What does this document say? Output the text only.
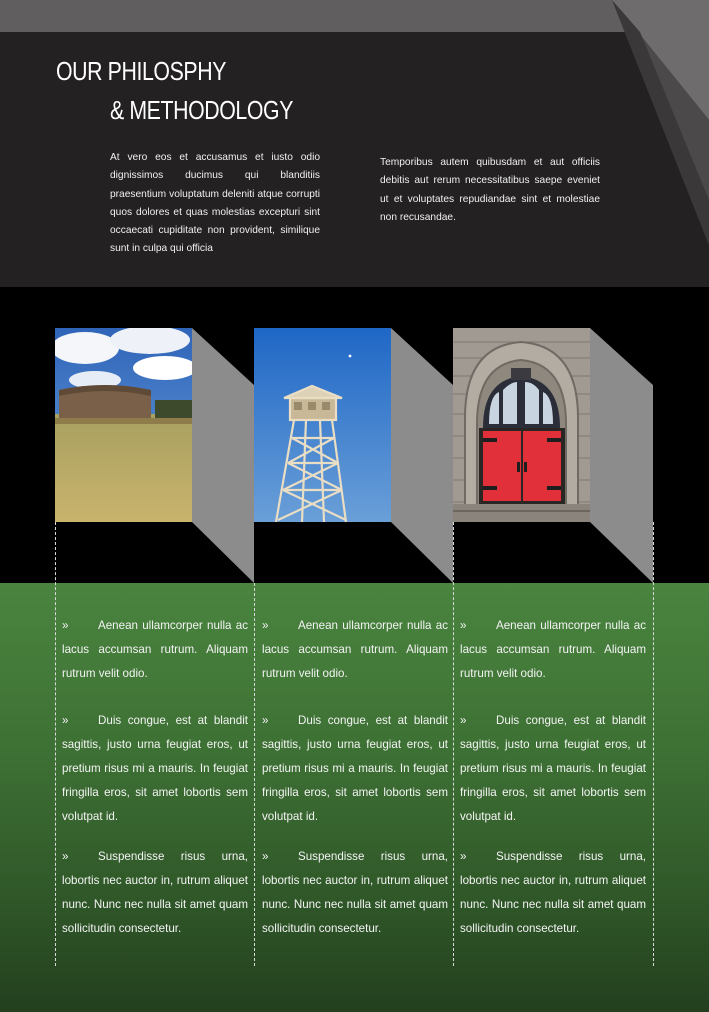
OUR PHILOSPHY
& METHODOLOGY

At vero eos et accusamus et iusto odio dignissimos ducimus qui blanditiis praesentium voluptatum deleniti atque corrupti quos dolores et quas molestias excepturi sint occaecati cupiditate non provident, similique sunt in culpa qui officia

Temporibus autem quibusdam et aut officiis debitis aut rerum necessitatibus saepe eveniet ut et voluptates repudiandae sint et molestiae non recusandae.

»	Aenean ullamcorper nulla ac lacus accumsan rutrum. Aliquam rutrum velit odio.
»	Duis congue, est at blandit sagittis, justo urna feugiat eros, ut pretium risus mi a mauris. In feugiat fringilla eros, sit amet lobortis sem volutpat id.
»	Suspendisse risus urna, lobortis nec auctor in, rutrum aliquet nunc. Nunc nec nulla sit amet quam sollicitudin consectetur.
»	Aenean ullamcorper nulla ac lacus accumsan rutrum. Aliquam rutrum velit odio.
»	Duis congue, est at blandit sagittis, justo urna feugiat eros, ut pretium risus mi a mauris. In feugiat fringilla eros, sit amet lobortis sem volutpat id.
»	Suspendisse risus urna, lobortis nec auctor in, rutrum aliquet nunc. Nunc nec nulla sit amet quam sollicitudin consectetur.
»	Aenean ullamcorper nulla ac lacus accumsan rutrum. Aliquam rutrum velit odio.
»	Duis congue, est at blandit sagittis, justo urna feugiat eros, ut pretium risus mi a mauris. In feugiat fringilla eros, sit amet lobortis sem volutpat id.
»	Suspendisse risus urna, lobortis nec auctor in, rutrum aliquet nunc. Nunc nec nulla sit amet quam sollicitudin consectetur.
